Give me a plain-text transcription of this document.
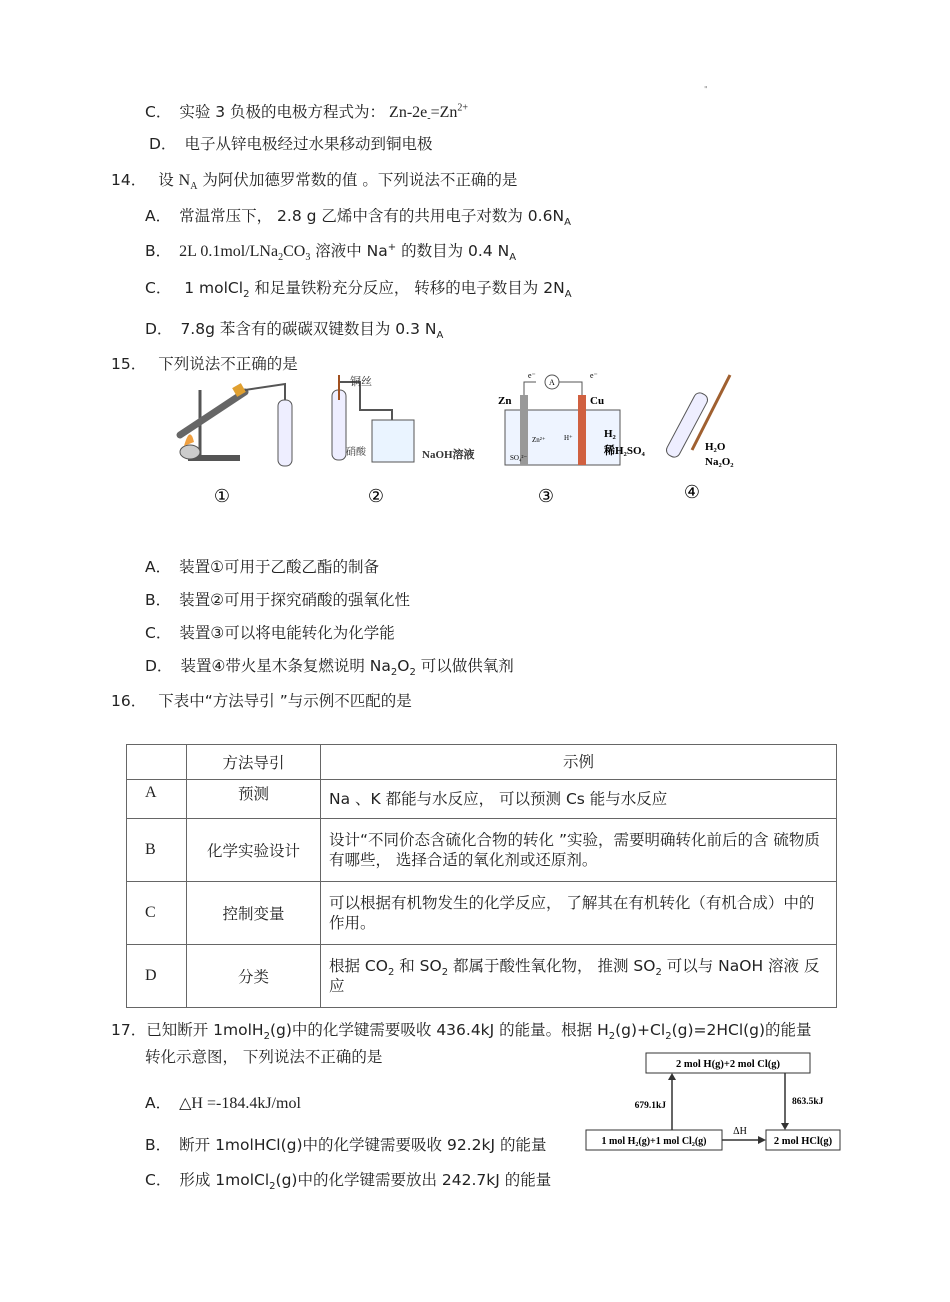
"
C． 实验 3 负极的电极方程式为： $Zn-2e_-=Zn^{2+}$
D． 电子从锌电极经过水果移动到铜电极
14． 设 $N_A$ 为阿伏加德罗常数的值 。下列说法不正确的是
A． 常温常压下， 2.8 g 乙烯中含有的共用电子对数为 $0.6N_A$
B． 2L $0.1mol/LNa_2CO_3$ 溶液中 Na+ 的数目为 0.4 $N_A$
C． 1 molCl$_2$ 和足量铁粉充分反应， 转移的电子数目为 $2N_A$
D． 7.8g 苯含有的碳碳双键数目为 0.3 $N_A$
15． 下列说法不正确的是
铜丝
硝酸	NaOH溶液
A
e⁻	e⁻
Zn	Cu
Zn²⁺
SO₄²⁻
H⁺	H₂
稀H₂SO₄	H₂O
Na₂O₂
①	②	③	④
A． 装置①可用于乙酸乙酯的制备
B． 装置②可用于探究硝酸的强氧化性
C． 装置③可以将电能转化为化学能
D． 装置④带火星木条复燃说明 $Na_2O_2$ 可以做供氧剂
16． 下表中“方法导引 ”与示例不匹配的是
	方法导引	示例
A	预测	Na 、K 都能与水反应， 可以预测 Cs 能与水反应
B	化学实验设计	设计“不同价态含硫化合物的转化 ”实验，需要明确转化前后的含 硫物质有哪些， 选择合适的氧化剂或还原剂。
C	控制变量	可以根据有机物发生的化学反应， 了解其在有机转化（有机合成）中的作用。
D	分类	根据 $CO_2$ 和 $SO_2$ 都属于酸性氧化物， 推测 $SO_2$ 可以与 NaOH 溶液 反应
17．已知断开 1molH$_2$(g)中的化学键需要吸收 436.4kJ 的能量。根据 $H_2(g)+Cl_2(g)=2HCl(g)$的能量
转化示意图， 下列说法不正确的是	2 mol H(g)+2 mol Cl(g)
1 mol H₂(g)+1 mol Cl₂(g)	2 mol HCl(g)
679.1kJ	863.5kJ
ΔH
A． △H =-184.4kJ/mol
B． 断开 1molHCl(g)中的化学键需要吸收 92.2kJ 的能量
C． 形成 1molCl$_2$(g)中的化学键需要放出 242.7kJ 的能量
